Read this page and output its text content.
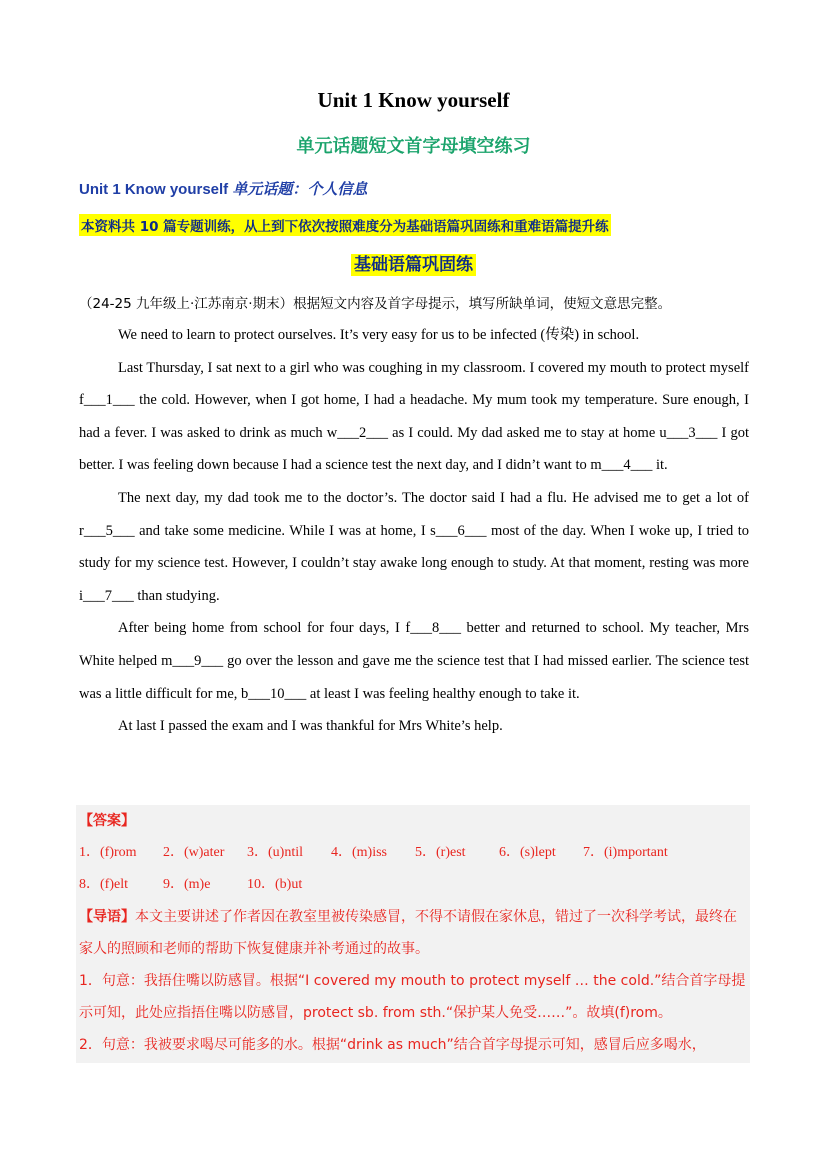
Unit 1 Know yourself
单元话题短文首字母填空练习
Unit 1 Know yourself 单元话题：个人信息
本资料共 10 篇专题训练，从上到下依次按照难度分为基础语篇巩固练和重难语篇提升练
基础语篇巩固练
（24-25 九年级上·江苏南京·期末）根据短文内容及首字母提示，填写所缺单词，使短文意思完整。

We need to learn to protect ourselves. It’s very easy for us to be infected (传染) in school.

Last Thursday, I sat next to a girl who was coughing in my classroom. I covered my mouth to protect myself f___1___ the cold. However, when I got home, I had a headache. My mum took my temperature. Sure enough, I had a fever. I was asked to drink as much w___2___ as I could. My dad asked me to stay at home u___3___ I got better. I was feeling down because I had a science test the next day, and I didn’t want to m___4___ it.

The next day, my dad took me to the doctor’s. The doctor said I had a flu. He advised me to get a lot of r___5___ and take some medicine. While I was at home, I s___6___ most of the day. When I woke up, I tried to study for my science test. However, I couldn’t stay awake long enough to study. At that moment, resting was more i___7___ than studying.

After being home from school for four days, I f___8___ better and returned to school. My teacher, Mrs White helped m___9___ go over the lesson and gave me the science test that I had missed earlier. The science test was a little difficult for me, b___10___ at least I was feeling healthy enough to take it.

At last I passed the exam and I was thankful for Mrs White’s help.

【答案】
1．(f)rom	2．(w)ater	3．(u)ntil	4．(m)iss	5．(r)est	6．(s)lept	7．(i)mportant
8．(f)elt	9．(m)e	10．(b)ut
【导语】本文主要讲述了作者因在教室里被传染感冒，不得不请假在家休息，错过了一次科学考试，最终在家人的照顾和老师的帮助下恢复健康并补考通过的故事。
1．句意：我捂住嘴以防感冒。根据“I covered my mouth to protect myself … the cold.”结合首字母提示可知，此处应指捂住嘴以防感冒，protect sb. from sth.“保护某人免受……”。故填(f)rom。
2．句意：我被要求喝尽可能多的水。根据“drink as much”结合首字母提示可知，感冒后应多喝水，
